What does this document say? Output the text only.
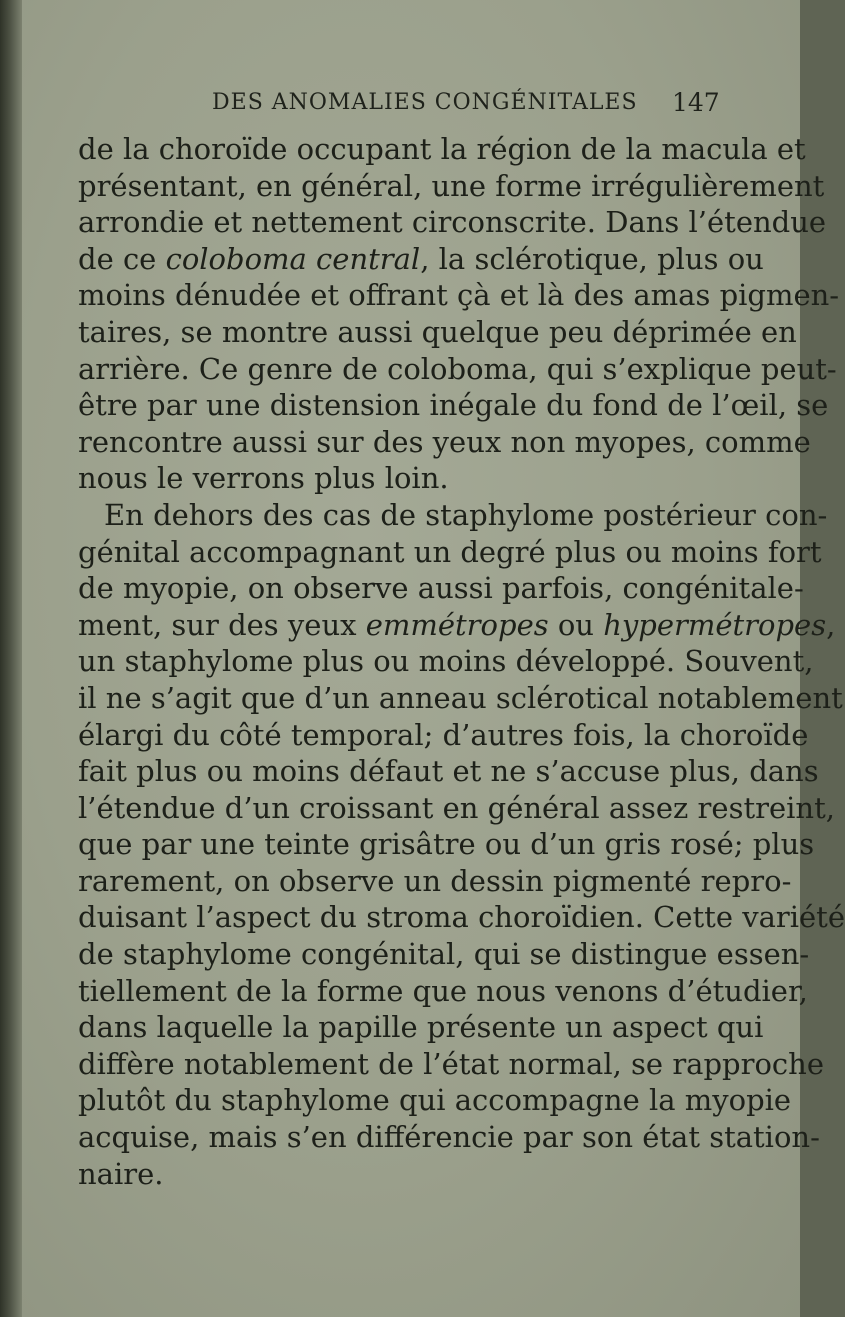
DES ANOMALIES CONGÉNITALES 147
de la choroïde occupant la région de la macula et
présentant, en général, une forme irrégulièrement
arrondie et nettement circonscrite. Dans l’étendue
de ce coloboma central, la sclérotique, plus ou
moins dénudée et offrant çà et là des amas pigmen-
taires, se montre aussi quelque peu déprimée en
arrière. Ce genre de coloboma, qui s’explique peut-
être par une distension inégale du fond de l’œil, se
rencontre aussi sur des yeux non myopes, comme
nous le verrons plus loin.
En dehors des cas de staphylome postérieur con-
génital accompagnant un degré plus ou moins fort
de myopie, on observe aussi parfois, congénitale-
ment, sur des yeux emmétropes ou hypermétropes,
un staphylome plus ou moins développé. Souvent,
il ne s’agit que d’un anneau sclérotical notablement
élargi du côté temporal; d’autres fois, la choroïde
fait plus ou moins défaut et ne s’accuse plus, dans
l’étendue d’un croissant en général assez restreint,
que par une teinte grisâtre ou d’un gris rosé; plus
rarement, on observe un dessin pigmenté repro-
duisant l’aspect du stroma choroïdien. Cette variété
de staphylome congénital, qui se distingue essen-
tiellement de la forme que nous venons d’étudier,
dans laquelle la papille présente un aspect qui
diffère notablement de l’état normal, se rapproche
plutôt du staphylome qui accompagne la myopie
acquise, mais s’en différencie par son état station-
naire.
